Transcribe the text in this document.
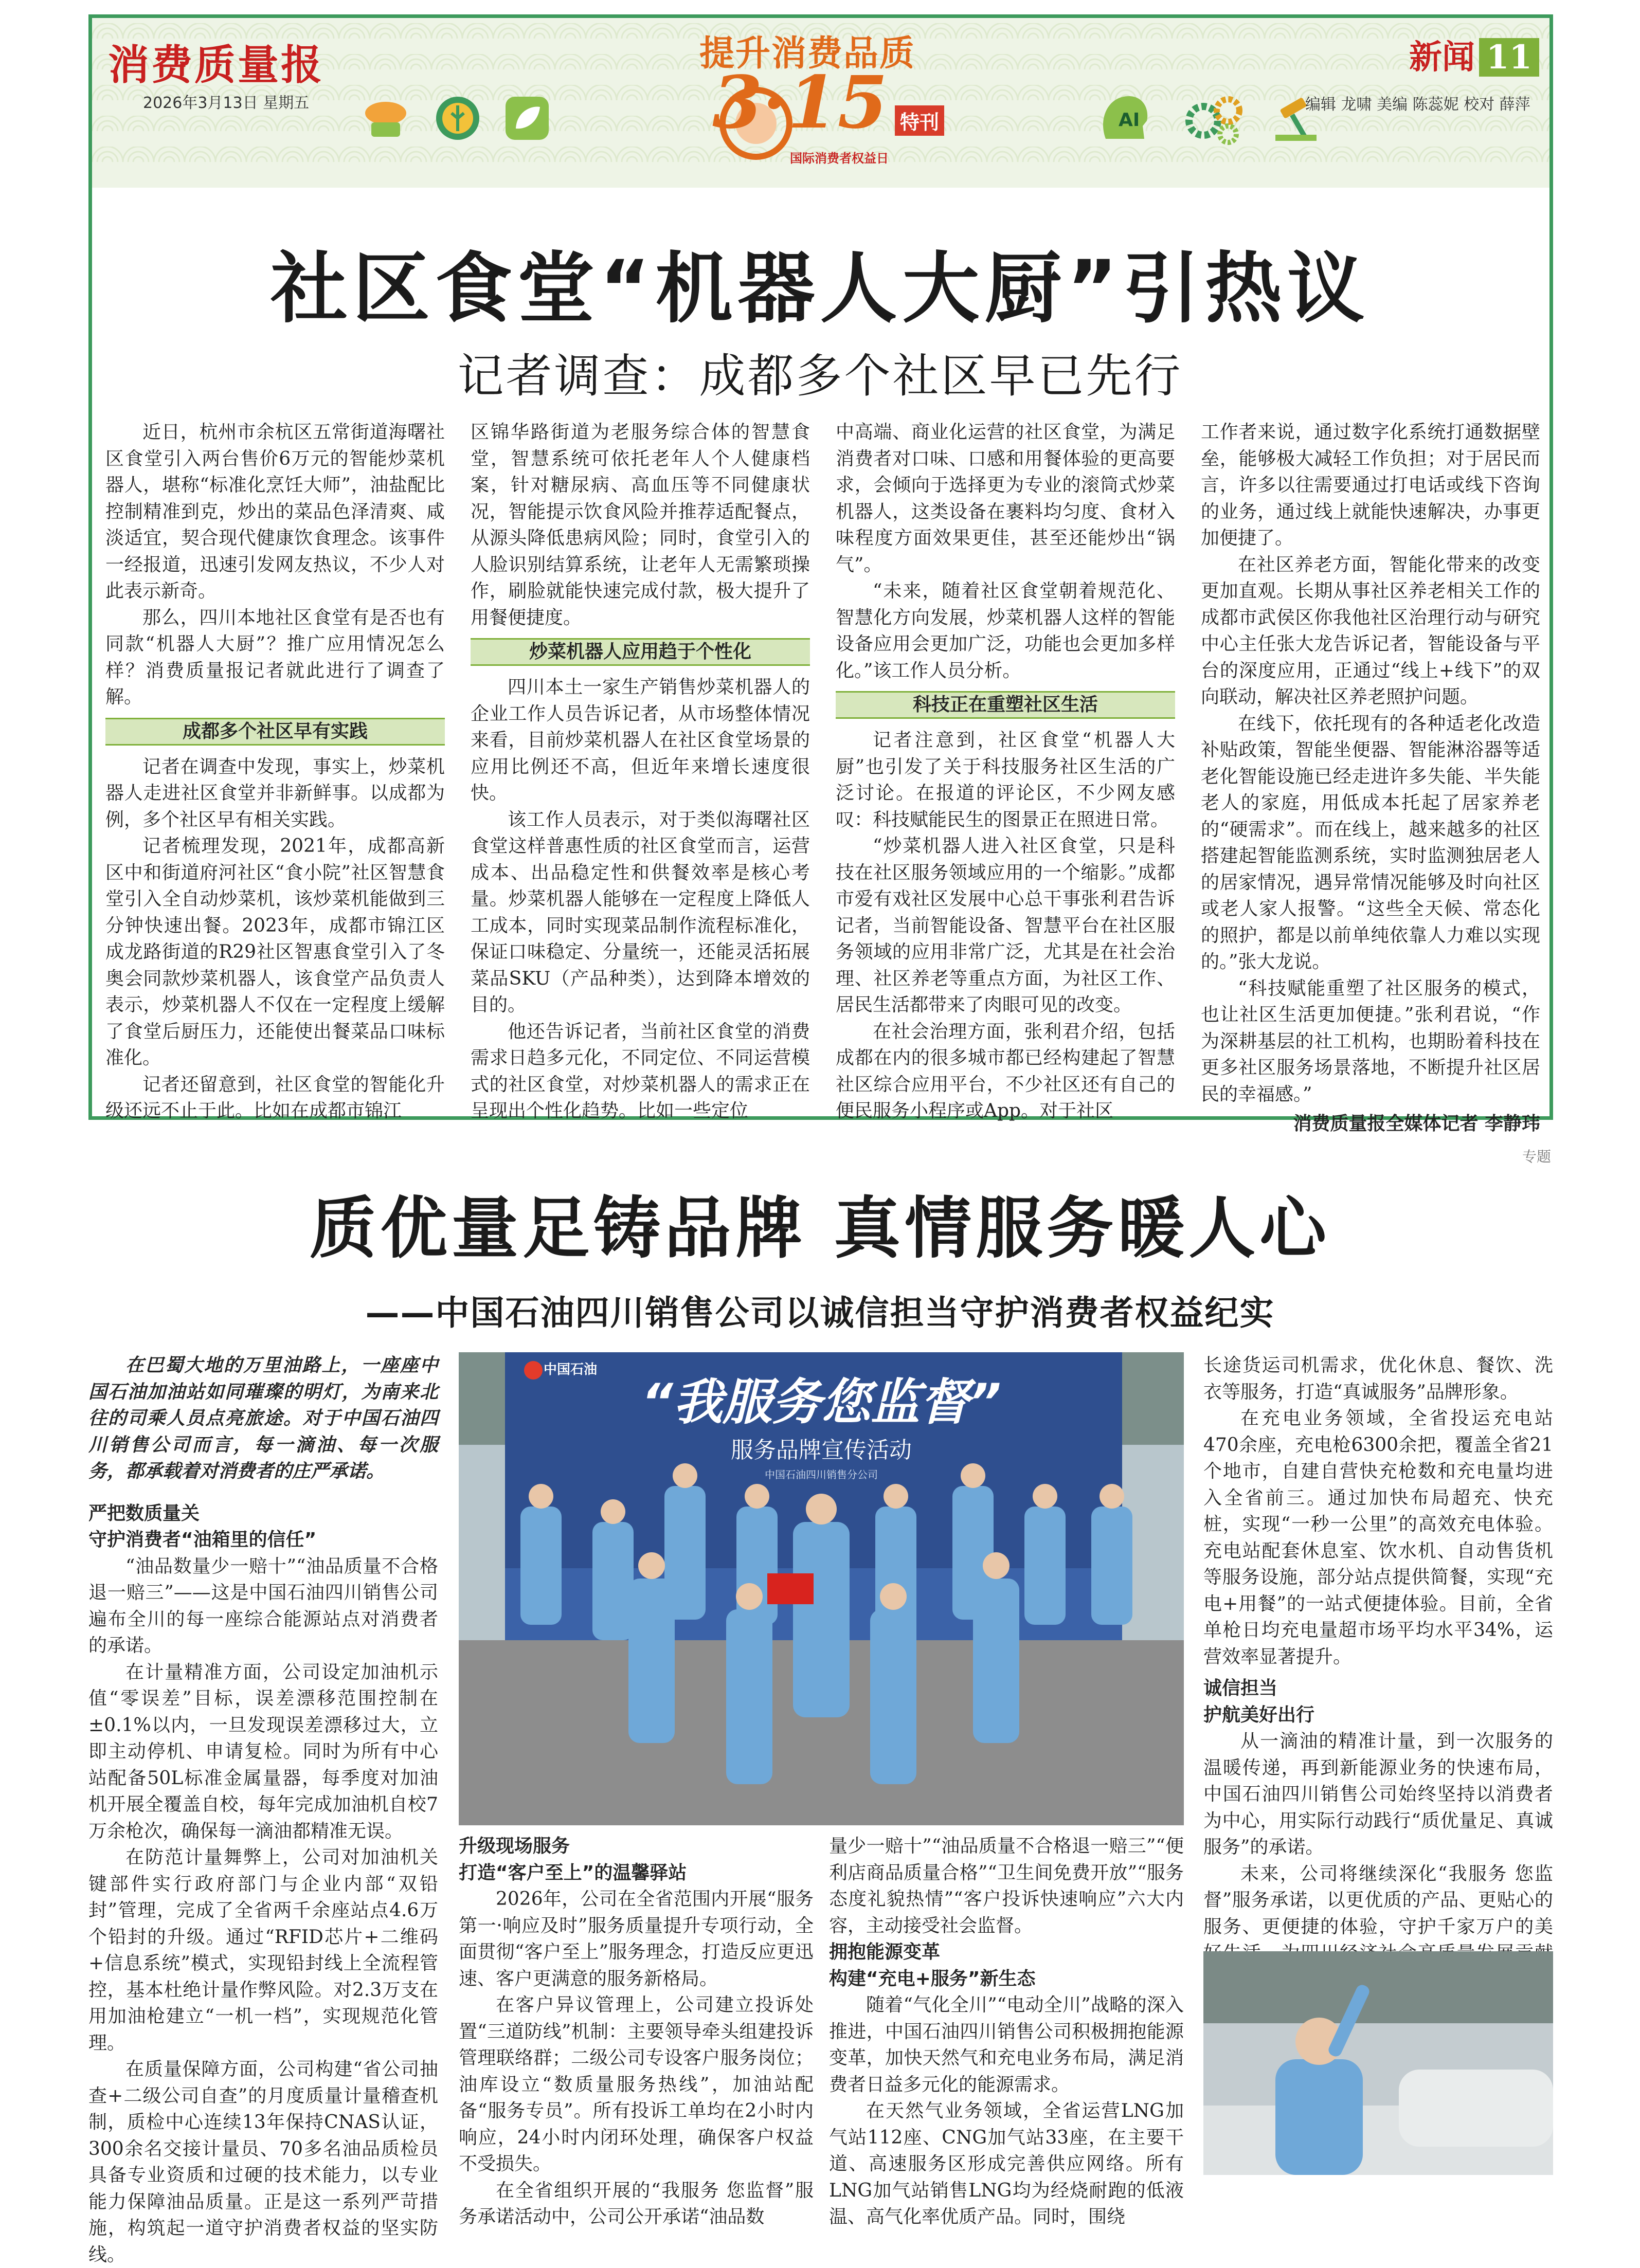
消费质量报
2026年3月13日 星期五
提升消费品质
3·15 特刊
国际消费者权益日
AI
新闻 11
编辑 龙啸 美编 陈蕊妮 校对 薛萍
社区食堂“机器人大厨”引热议
记者调查：成都多个社区早已先行

近日，杭州市余杭区五常街道海曙社区食堂引入两台售价6万元的智能炒菜机器人，堪称“标准化烹饪大师”，油盐配比控制精准到克，炒出的菜品色泽清爽、咸淡适宜，契合现代健康饮食理念。该事件一经报道，迅速引发网友热议，不少人对此表示新奇。

那么，四川本地社区食堂有是否也有同款“机器人大厨”？推广应用情况怎么样？消费质量报记者就此进行了调查了解。

成都多个社区早有实践

记者在调查中发现，事实上，炒菜机器人走进社区食堂并非新鲜事。以成都为例，多个社区早有相关实践。

记者梳理发现，2021年，成都高新区中和街道府河社区“食小院”社区智慧食堂引入全自动炒菜机，该炒菜机能做到三分钟快速出餐。2023年，成都市锦江区成龙路街道的R29社区智惠食堂引入了冬奥会同款炒菜机器人，该食堂产品负责人表示，炒菜机器人不仅在一定程度上缓解了食堂后厨压力，还能使出餐菜品口味标准化。

记者还留意到，社区食堂的智能化升级还远不止于此。比如在成都市锦江

区锦华路街道为老服务综合体的智慧食堂，智慧系统可依托老年人个人健康档案，针对糖尿病、高血压等不同健康状况，智能提示饮食风险并推荐适配餐点，从源头降低患病风险；同时，食堂引入的人脸识别结算系统，让老年人无需繁琐操作，刷脸就能快速完成付款，极大提升了用餐便捷度。

炒菜机器人应用趋于个性化

四川本土一家生产销售炒菜机器人的企业工作人员告诉记者，从市场整体情况来看，目前炒菜机器人在社区食堂场景的应用比例还不高，但近年来增长速度很快。

该工作人员表示，对于类似海曙社区食堂这样普惠性质的社区食堂而言，运营成本、出品稳定性和供餐效率是核心考量。炒菜机器人能够在一定程度上降低人工成本，同时实现菜品制作流程标准化，保证口味稳定、分量统一，还能灵活拓展菜品SKU（产品种类），达到降本增效的目的。

他还告诉记者，当前社区食堂的消费需求日趋多元化，不同定位、不同运营模式的社区食堂，对炒菜机器人的需求正在呈现出个性化趋势。比如一些定位

中高端、商业化运营的社区食堂，为满足消费者对口味、口感和用餐体验的更高要求，会倾向于选择更为专业的滚筒式炒菜机器人，这类设备在裹料均匀度、食材入味程度方面效果更佳，甚至还能炒出“锅气”。

“未来，随着社区食堂朝着规范化、智慧化方向发展，炒菜机器人这样的智能设备应用会更加广泛，功能也会更加多样化。”该工作人员分析。

科技正在重塑社区生活

记者注意到，社区食堂“机器人大厨”也引发了关于科技服务社区生活的广泛讨论。在报道的评论区，不少网友感叹：科技赋能民生的图景正在照进日常。

“炒菜机器人进入社区食堂，只是科技在社区服务领域应用的一个缩影。”成都市爱有戏社区发展中心总干事张利君告诉记者，当前智能设备、智慧平台在社区服务领域的应用非常广泛，尤其是在社会治理、社区养老等重点方面，为社区工作、居民生活都带来了肉眼可见的改变。

在社会治理方面，张利君介绍，包括成都在内的很多城市都已经构建起了智慧社区综合应用平台，不少社区还有自己的便民服务小程序或App。对于社区

工作者来说，通过数字化系统打通数据壁垒，能够极大减轻工作负担；对于居民而言，许多以往需要通过打电话或线下咨询的业务，通过线上就能快速解决，办事更加便捷了。

在社区养老方面，智能化带来的改变更加直观。长期从事社区养老相关工作的成都市武侯区你我他社区治理行动与研究中心主任张大龙告诉记者，智能设备与平台的深度应用，正通过“线上+线下”的双向联动，解决社区养老照护问题。

在线下，依托现有的各种适老化改造补贴政策，智能坐便器、智能淋浴器等适老化智能设施已经走进许多失能、半失能老人的家庭，用低成本托起了居家养老的“硬需求”。而在线上，越来越多的社区搭建起智能监测系统，实时监测独居老人的居家情况，遇异常情况能够及时向社区或老人家人报警。“这些全天候、常态化的照护，都是以前单纯依靠人力难以实现的。”张大龙说。

“科技赋能重塑了社区服务的模式，也让社区生活更加便捷。”张利君说，“作为深耕基层的社工机构，也期盼着科技在更多社区服务场景落地，不断提升社区居民的幸福感。”

消费质量报全媒体记者 李静玮
专题
质优量足铸品牌 真情服务暖人心
——中国石油四川销售公司以诚信担当守护消费者权益纪实

在巴蜀大地的万里油路上，一座座中国石油加油站如同璀璨的明灯，为南来北往的司乘人员点亮旅途。对于中国石油四川销售公司而言，每一滴油、每一次服务，都承载着对消费者的庄严承诺。

严把数质量关

守护消费者“油箱里的信任”

“油品数量少一赔十”“油品质量不合格退一赔三”——这是中国石油四川销售公司遍布全川的每一座综合能源站点对消费者的承诺。

在计量精准方面，公司设定加油机示值“零误差”目标，误差漂移范围控制在±0.1%以内，一旦发现误差漂移过大，立即主动停机、申请复检。同时为所有中心站配备50L标准金属量器，每季度对加油机开展全覆盖自校，每年完成加油机自校7万余枪次，确保每一滴油都精准无误。

在防范计量舞弊上，公司对加油机关键部件实行政府部门与企业内部“双铅封”管理，完成了全省两千余座站点4.6万个铅封的升级。通过“RFID芯片+二维码+信息系统”模式，实现铅封线上全流程管控，基本杜绝计量作弊风险。对2.3万支在用加油枪建立“一机一档”，实现规范化管理。

在质量保障方面，公司构建“省公司抽查+二级公司自查”的月度质量计量稽查机制，质检中心连续13年保持CNAS认证，300余名交接计量员、70多名油品质检员具备专业资质和过硬的技术能力，以专业能力保障油品质量。正是这一系列严苛措施，构筑起一道守护消费者权益的坚实防线。

中国石油
“我服务您监督”
服务品牌宣传活动
中国石油四川销售分公司

升级现场服务

打造“客户至上”的温馨驿站

2026年，公司在全省范围内开展“服务第一·响应及时”服务质量提升专项行动，全面贯彻“客户至上”服务理念，打造反应更迅速、客户更满意的服务新格局。

在客户异议管理上，公司建立投诉处置“三道防线”机制：主要领导牵头组建投诉管理联络群；二级公司专设客户服务岗位；油库设立“数质量服务热线”，加油站配备“服务专员”。所有投诉工单均在2小时内响应，24小时内闭环处理，确保客户权益不受损失。

在全省组织开展的“我服务 您监督”服务承诺活动中，公司公开承诺“油品数

量少一赔十”“油品质量不合格退一赔三”“便利店商品质量合格”“卫生间免费开放”“服务态度礼貌热情”“客户投诉快速响应”六大内容，主动接受社会监督。

拥抱能源变革

构建“充电+服务”新生态

随着“气化全川”“电动全川”战略的深入推进，中国石油四川销售公司积极拥抱能源变革，加快天然气和充电业务布局，满足消费者日益多元化的能源需求。

在天然气业务领域，全省运营LNG加气站112座、CNG加气站33座，在主要干道、高速服务区形成完善供应网络。所有LNG加气站销售LNG均为经烧耐跑的低液温、高气化率优质产品。同时，围绕

长途货运司机需求，优化休息、餐饮、洗衣等服务，打造“真诚服务”品牌形象。

在充电业务领域，全省投运充电站470余座，充电枪6300余把，覆盖全省21个地市，自建自营快充枪数和充电量均进入全省前三。通过加快布局超充、快充桩，实现“一秒一公里”的高效充电体验。充电站配套休息室、饮水机、自动售货机等服务设施，部分站点提供简餐，实现“充电+用餐”的一站式便捷体验。目前，全省单枪日均充电量超市场平均水平34%，运营效率显著提升。

诚信担当

护航美好出行

从一滴油的精准计量，到一次服务的温暖传递，再到新能源业务的快速布局，中国石油四川销售公司始终坚持以消费者为中心，用实际行动践行“质优量足、真诚服务”的承诺。

未来，公司将继续深化“我服务 您监督”服务承诺，以更优质的产品、更贴心的服务、更便捷的体验，守护千家万户的美
